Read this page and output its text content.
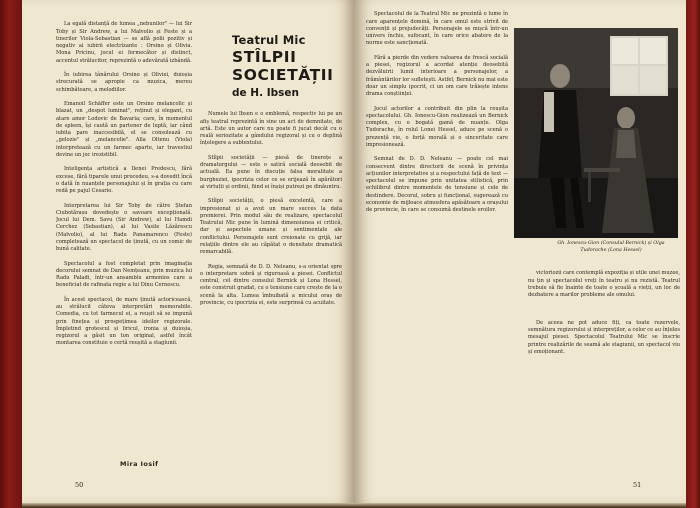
La egală distanță de lumea „nebunilor" — lui Sir Toby și Sir Andrew, a lui Malvolio și Feste și a tinerilor Viola-Sebastian — se află polii pozitiv și negativ ai iubirii electrizante : Orsino și Olivia. Mona Pricinu, jocul ei fermecător și distinct, accentul strălucitor, reprezintă o adevărată izbândă.

În iubirea tânărului Orsino și Oliviei, duioșia strecurată se apropie ca muzica, mereu schimbătoare, a melodiilor.

Emanoil Schäffer este un Orsino melancolic și blazat, un „despot luminat", reținut și elegant, cu atare amor Lodovic de Bavaria; care, în momentul de spleen, își caută un partener de luptă, iar când iubita pare inaccesibilă, el se consolează cu „gelozie" și „melancolie". Alla Oltenu (Viola) interpretează cu un farmec aparte, iar travestiul devine un joc irezistibil.

Inteligența artistică a Ilenei Predescu, fără excese, fără tiparele unui procedeu, s-a dovedit încă o dată în nuanțele personajului și în grația cu care redă pe pajul Cesario.

Interpretarea lui Sir Toby de către Ștefan Ciubotărașu dovedește o savoare excepțională. Jocul lui Dem. Savu (Sir Andrew), al lui Hamdi Cerchez (Sebastian), al lui Vasile Lăzărescu (Malvolio), al lui Radu Panamarenco (Feste) completează un spectacol de ținută, cu un comic de bună calitate.

Spectacolul a fost completat prin imaginația decorului semnat de Dan Nemțeanu, prin muzica lui Radu Paladi, într-un ansamblu armonios care a beneficiat de rafinata regie a lui Dinu Cernescu.

În acest spectacol, de mare ținută actoricească, au strălucit câteva interpretări memorabile. Comedia, cu tot farmecul ei, a reușit să se impună prin finețea și prospețimea ideilor regizorale. Împletind grotescul și liricul, ironia și duioșia, regizorul a găsit un ton original, astfel încât montarea constituie o certă reușită a stagiunii.

Mira Iosif
Teatrul Mic
STÎLPII SOCIETĂȚII
de H. Ibsen

Numele lui Ibsen e o emblemă, respectiv lui pe un afiș teatral reprezintă în sine un act de demnitate, de artă. Este un autor care nu poate fi jucat decât cu o reală seriozitate a gândului regizoral și cu o deplină înțelegere a subtextului.

Stîlpii societății — piesă de tinerețe a dramaturgului — este o satiră socială deosebit de actuală. Ea pune în discuție falsa moralitate a burgheziei, ipocrizia celor ce se erijează în apărători ai virtuții și ordinii, fiind ei înșiși putrezi pe dinăuntru.

Stîlpii societății, o piesă excelentă, care a impresionat și a avut un mare succes la data premierei. Prin modul său de realizare, spectacolul Teatrului Mic pune în lumină dimensiunea ei critică, dar și aspectele umane și sentimentale ale conflictului. Personajele sunt creionate cu grijă, iar relațiile dintre ele au căpătat o densitate dramatică remarcabilă.

Regia, semnată de D. D. Neleanu, s-a orientat spre o interpretare sobră și riguroasă a piesei. Conflictul central, cel dintre consulul Bernick și Lona Hessel, este construit gradat, cu o tensiune care crește de la o scenă la alta. Lumea îmbuibată a micului oraș de provincie, cu ipocrizia ei, este surprinsă cu acuitate.

50

Spectacolul de la Teatrul Mic ne prezintă o lume în care aparențele domină, în care omul este strivit de convenții și prejudecăți. Personajele se mișcă într-un univers închis, sufocant, în care orice abatere de la norme este sancționată.

Fără a pierde din vedere valoarea de frescă socială a piesei, regizorul a acordat atenție deosebită dezvăluirii lumii interioare a personajelor, a frământărilor lor sufletești. Astfel, Bernick nu mai este doar un simplu ipocrit, ci un om care trăiește intens drama conștiinței.

Jocul actorilor a contribuit din plin la reușita spectacolului. Gh. Ionescu-Gion realizează un Bernick complex, cu o bogată gamă de nuanțe. Olga Tudorache, în rolul Lonei Hessel, aduce pe scenă o prezență vie, o forță morală și o sinceritate care impresionează.

Semnat de D. D. Neleanu — poate cel mai consecvent dintre directorii de scenă în privința acțiunilor interpretative și a respectului față de text — spectacolul se impune prin unitatea stilistică, prin echilibrul dintre momentele de tensiune și cele de destindere. Decorul, sobru și funcțional, sugerează cu economie de mijloace atmosfera apăsătoare a orașului de provincie, în care se consumă destinele eroilor.

Gh. Ionescu-Gion (Consulul Bernick) și Olga Tudorache (Lona Hessel)

victoriozii care contemplă expoziția și utile unei muzee, nu țin și spectacolul vreți în teatru și nu rezistă. Teatrul trebuie să fie înainte de toate o școală a vieții, un loc de dezbatere a marilor probleme ale omului.

De aceea ne pot aduce fiți, ca toate rezervele, semnătura regizorului și interpreților, a celor ce au înțeles mesajul piesei. Spectacolul Teatrului Mic se înscrie printre realizările de seamă ale stagiunii, un spectacol viu și emoționant.

51
